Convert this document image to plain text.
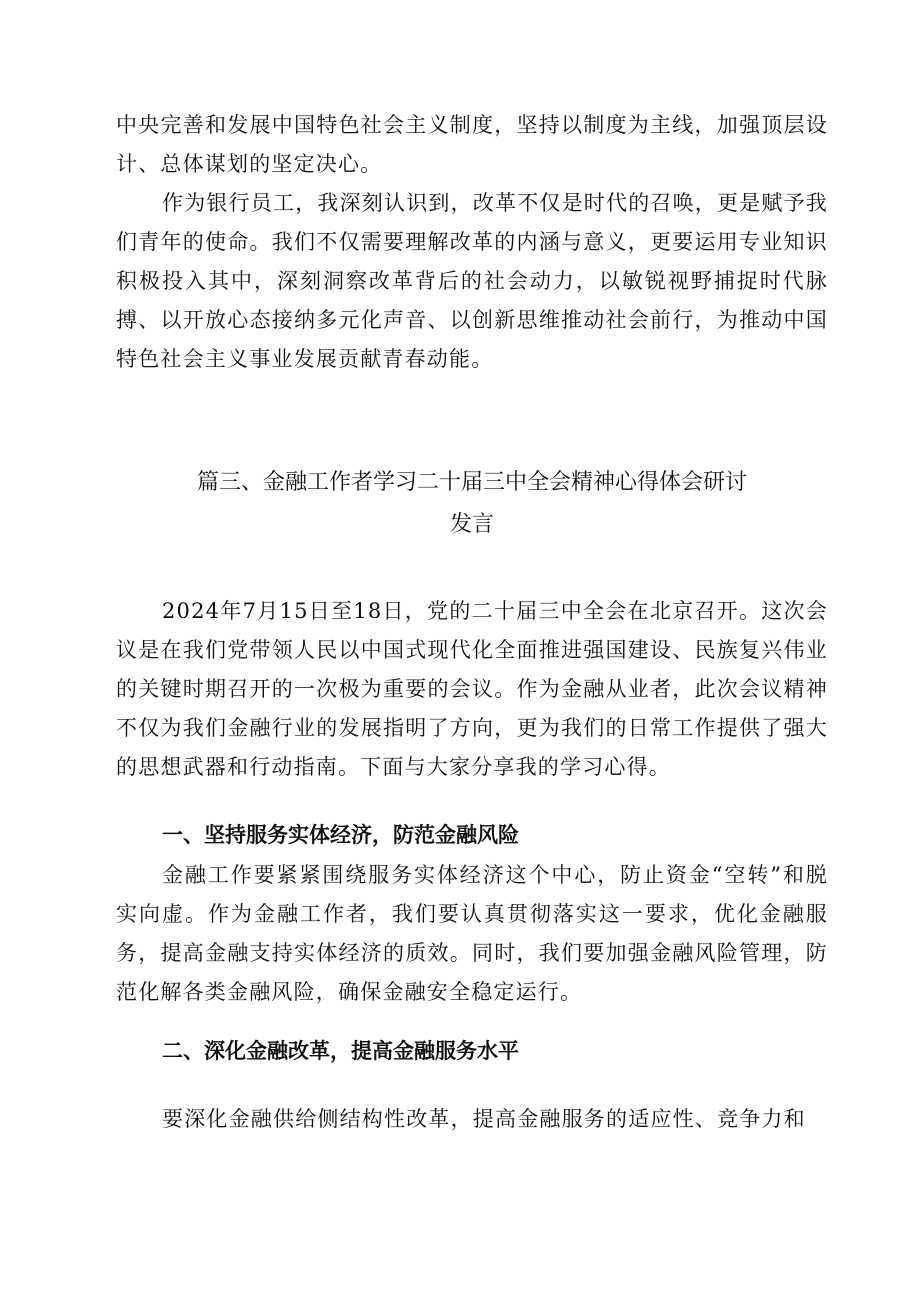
中央完善和发展中国特色社会主义制度，坚持以制度为主线，加强顶层设计、总体谋划的坚定决心。

作为银行员工，我深刻认识到，改革不仅是时代的召唤，更是赋予我们青年的使命。我们不仅需要理解改革的内涵与意义，更要运用专业知识积极投入其中，深刻洞察改革背后的社会动力，以敏锐视野捕捉时代脉搏、以开放心态接纳多元化声音、以创新思维推动社会前行，为推动中国特色社会主义事业发展贡献青春动能。

篇三、金融工作者学习二十届三中全会精神心得体会研讨
发言

2024年7月15日至18日，党的二十届三中全会在北京召开。这次会议是在我们党带领人民以中国式现代化全面推进强国建设、民族复兴伟业的关键时期召开的一次极为重要的会议。作为金融从业者，此次会议精神不仅为我们金融行业的发展指明了方向，更为我们的日常工作提供了强大的思想武器和行动指南。下面与大家分享我的学习心得。

一、坚持服务实体经济，防范金融风险

金融工作要紧紧围绕服务实体经济这个中心，防止资金“空转”和脱实向虚。作为金融工作者，我们要认真贯彻落实这一要求，优化金融服务，提高金融支持实体经济的质效。同时，我们要加强金融风险管理，防范化解各类金融风险，确保金融安全稳定运行。

二、深化金融改革，提高金融服务水平

要深化金融供给侧结构性改革，提高金融服务的适应性、竞争力和
